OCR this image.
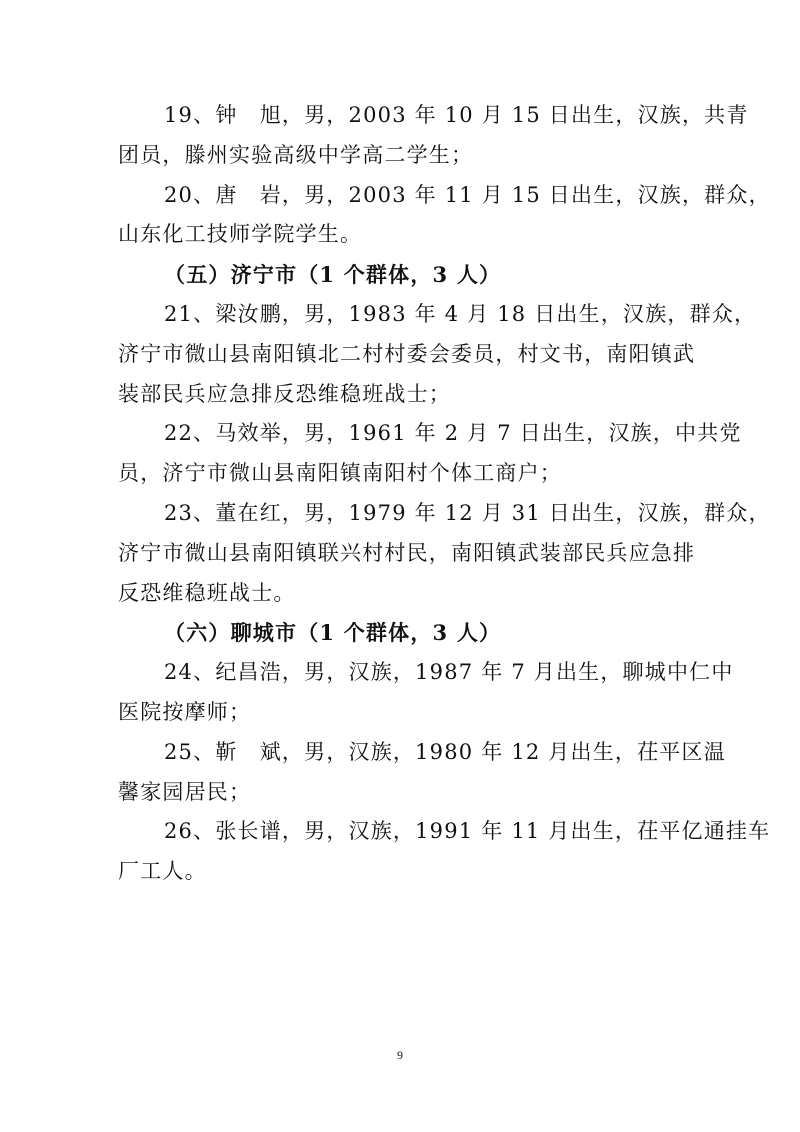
19、钟　旭，男，2003 年 10 月 15 日出生，汉族，共青
团员，滕州实验高级中学高二学生；

20、唐　岩，男，2003 年 11 月 15 日出生，汉族，群众，
山东化工技师学院学生。

（五）济宁市（1 个群体，3 人）

21、梁汝鹏，男，1983 年 4 月 18 日出生，汉族，群众，
济宁市微山县南阳镇北二村村委会委员，村文书，南阳镇武
装部民兵应急排反恐维稳班战士；

22、马效举，男，1961 年 2 月 7 日出生，汉族，中共党
员，济宁市微山县南阳镇南阳村个体工商户；

23、董在红，男，1979 年 12 月 31 日出生，汉族，群众，
济宁市微山县南阳镇联兴村村民，南阳镇武装部民兵应急排
反恐维稳班战士。

（六）聊城市（1 个群体，3 人）

24、纪昌浩，男，汉族，1987 年 7 月出生，聊城中仁中
医院按摩师；

25、靳　斌，男，汉族，1980 年 12 月出生，茌平区温
馨家园居民；

26、张长谱，男，汉族，1991 年 11 月出生，茌平亿通挂车
厂工人。

9
